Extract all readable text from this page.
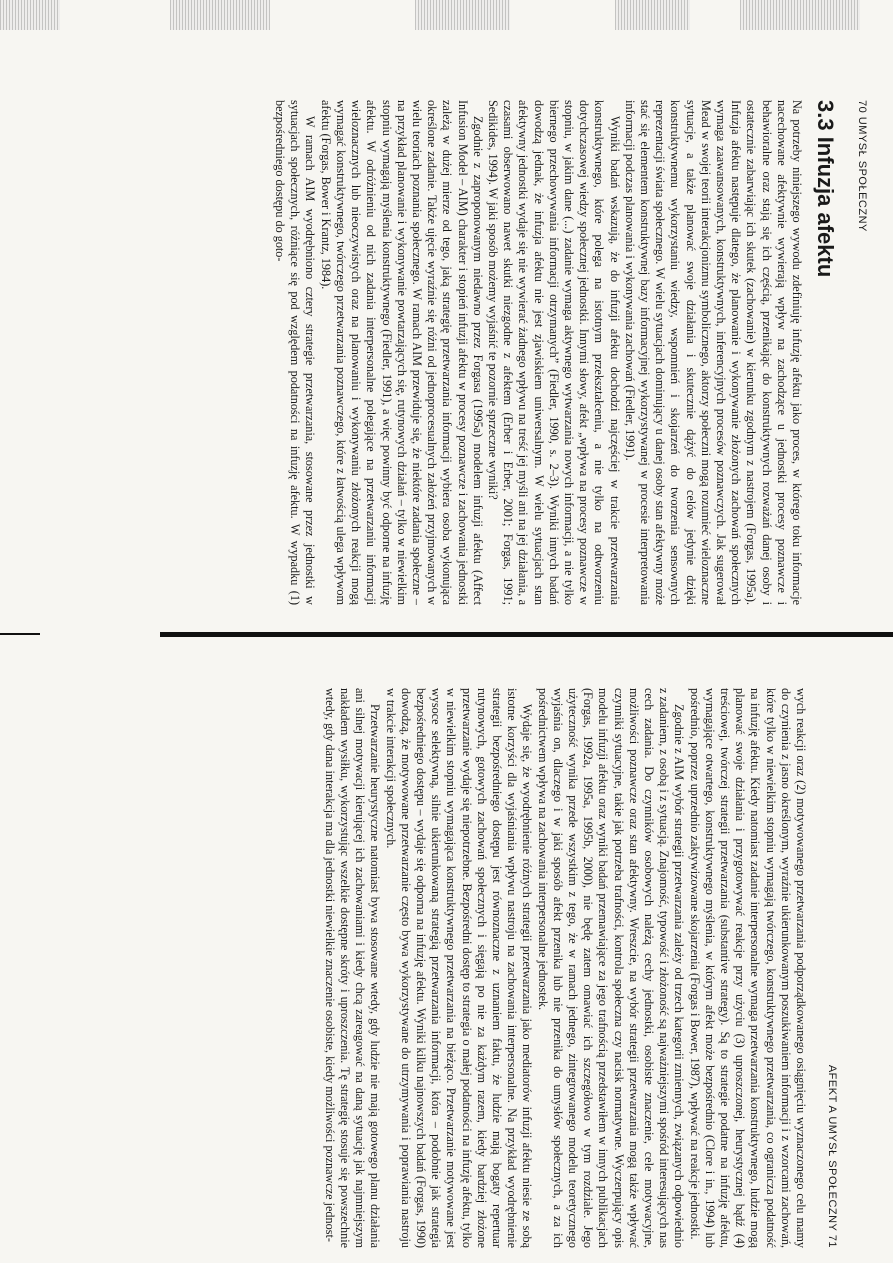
70 UMYSŁ SPOŁECZNY
3.3 Infuzja afektu

Na potrzeby niniejszego wywodu zdefiniuję infuzję afektu jako proces, w którego toku informacje nacechowane afektywnie wywierają wpływ na zachodzące u jednostki procesy poznawcze i behawioralne oraz stają się ich częścią, przenikając do konstruktywnych rozważań danej osoby i ostatecznie zabarwiając ich skutek (zachowanie) w kierunku zgodnym z nastrojem (Forgas, 1995a). Infuzja afektu następuje dlatego, że planowanie i wykonywanie złożonych zachowań społecznych wymaga zaawansowanych, konstruktywnych, inferencyjnych procesów poznawczych. Jak sugerował Mead w swojej teorii interakcjonizmu symbolicznego, aktorzy społeczni mogą rozumieć wieloznaczne sytuacje, a także planować swoje działania i skutecznie dążyć do celów jedynie dzięki konstruktywnemu wykorzystaniu wiedzy, wspomnień i skojarzeń do tworzenia sensownych reprezentacji świata społecznego. W wielu sytuacjach dominujący u danej osoby stan afektywny może stać się elementem konstruktywnej bazy informacyjnej wykorzystywanej w procesie interpretowania informacji podczas planowania i wykonywania zachowań (Fiedler, 1991).

Wyniki badań wskazują, że do infuzji afektu dochodzi najczęściej w trakcie przetwarzania konstruktywnego, które polega na istotnym przekształceniu, a nie tylko na odtworzeniu dotychczasowej wiedzy społecznej jednostki. Innymi słowy, afekt „wpływa na procesy poznawcze w stopniu, w jakim dane (...) zadanie wymaga aktywnego wytwarzania nowych informacji, a nie tylko biernego przechowywania informacji otrzymanych” (Fiedler, 1990, s. 2–3). Wyniki innych badań dowodzą jednak, że infuzja afektu nie jest zjawiskiem uniwersalnym. W wielu sytuacjach stan afektywny jednostki wydaje się nie wywierać żadnego wpływu na treść jej myśli ani na jej działania, a czasami obserwowano nawet skutki niezgodne z afektem (Erber i Erber, 2001; Forgas, 1991; Sedikides, 1994). W jaki sposób możemy wyjaśnić te pozornie sprzeczne wyniki?

Zgodnie z zaproponowanym niedawno przez Forgasa (1995a) modelem infuzji afektu (Affect Infusion Model – AIM) charakter i stopień infuzji afektu w procesy poznawcze i zachowania jednostki zależą w dużej mierze od tego, jaką strategię przetwarzania informacji wybiera osoba wykonująca określone zadanie. Także ujęcie wyraźnie się różni od jednoprocesualnych założeń przyjmowanych w wielu teoriach poznania społecznego. W ramach AIM przewiduje się, że niektóre zadania społeczne – na przykład planowanie i wykonywanie powtarzających się, rutynowych działań – tylko w niewielkim stopniu wymagają myślenia konstruktywnego (Fiedler, 1991), a więc powinny być odporne na infuzję afektu. W odróżnieniu od nich zadania interpersonalne polegające na przetwarzaniu informacji wieloznacznych lub nieoczywistych oraz na planowaniu i wykonywaniu złożonych reakcji mogą wymagać konstruktywnego, twórczego przetwarzania poznawczego, które z łatwością ulega wpływom afektu (Forgas, Bower i Krantz, 1984).

W ramach AIM wyodrębniono cztery strategie przetwarzania, stosowane przez jednostki w sytuacjach społecznych, różniące się pod względem podatności na infuzję afektu. W wypadku (1) bezpośredniego dostępu do goto-

AFEKT A UMYSŁ SPOŁECZNY 71

wych reakcji oraz (2) motywowanego przetwarzania podporządkowanego osiągnięciu wyznaczonego celu mamy do czynienia z jasno określonym, wyraźnie ukierunkowanym poszukiwaniem informacji i z wzorcami zachowań, które tylko w niewielkim stopniu wymagają twórczego, konstruktywnego przetwarzania, co ogranicza podatność na infuzję afektu. Kiedy natomiast zadanie interpersonalne wymaga przetwarzania konstruktywnego, ludzie mogą planować swoje działania i przygotowywać reakcje przy użyciu (3) uproszczonej, heurystycznej bądź (4) treściowej, twórczej strategii przetwarzania (substantive strategy). Są to strategie podatne na infuzję afektu, wymagające otwartego, konstruktywnego myślenia, w którym afekt może bezpośrednio (Clore i in., 1994) lub pośrednio, poprzez uprzednio zaktywizowane skojarzenia (Forgas i Bower, 1987), wpływać na reakcje jednostki.

Zgodnie z AIM wybór strategii przetwarzania zależy od trzech kategorii zmiennych, związanych odpowiednio z zadaniem, z osobą i z sytuacją. Znajomość, typowość i złożoność są najważniejszymi spośród interesujących nas cech zadania. Do czynników osobowych należą cechy jednostki, osobiste znaczenie, cele motywacyjne, możliwości poznawcze oraz stan afektywny. Wreszcie, na wybór strategii przetwarzania mogą także wpływać czynniki sytuacyjne, takie jak potrzeba trafności, kontrola społeczna czy nacisk normatywne. Wyczerpujący opis modelu infuzji afektu oraz wyniki badań przemawiające za jego trafnością przedstawiłem w innych publikacjach (Forgas, 1992a, 1995a, 1995b, 2000), nie będę zatem omawiać ich szczegółowo w tym rozdziale. Jego użyteczność wynika przede wszystkim z tego, że w ramach jednego, zintegrowanego modelu teoretycznego wyjaśnia on, dlaczego i w jaki sposób afekt przenika lub nie przenika do umysłów społecznych, a za ich pośrednictwem wpływa na zachowania interpersonalne jednostek.

Wydaje się, że wyodrębnienie różnych strategii przetwarzania jako mediatorów infuzji afektu niesie ze sobą istotne korzyści dla wyjaśniania wpływu nastroju na zachowania interpersonalne. Na przykład wyodrębnienie strategii bezpośredniego dostępu jest równoznaczne z uznaniem faktu, że ludzie mają bogaty repertuar rutynowych, gotowych zachowań społecznych i sięgają po nie za każdym razem, kiedy bardziej złożone przetwarzanie wydaje się niepotrzebne. Bezpośredni dostęp to strategia o małej podatności na infuzję afektu, tylko w niewielkim stopniu wymagająca konstruktywnego przetwarzania na bieżąco. Przetwarzanie motywowane jest wysoce selektywną, silnie ukierunkowaną strategią przetwarzania informacji, która – podobnie jak strategia bezpośredniego dostępu – wydaje się odporna na infuzję afektu. Wyniki kilku najnowszych badań (Forgas, 1990) dowodzą, że motywowane przetwarzanie często bywa wykorzystywane do utrzymywania i poprawiania nastroju w trakcie interakcji społecznych.

Przetwarzanie heurystyczne natomiast bywa stosowane wtedy, gdy ludzie nie mają gotowego planu działania ani silnej motywacji kierującej ich zachowaniami i kiedy chcą zareagować na daną sytuację jak najmniejszym nakładem wysiłku, wykorzystując wszelkie dostępne skróty i uproszczenia. Tę strategię stosuje się powszechnie wtedy, gdy dana interakcja ma dla jednostki niewielkie znaczenie osobiste, kiedy możliwości poznawcze jednost-
